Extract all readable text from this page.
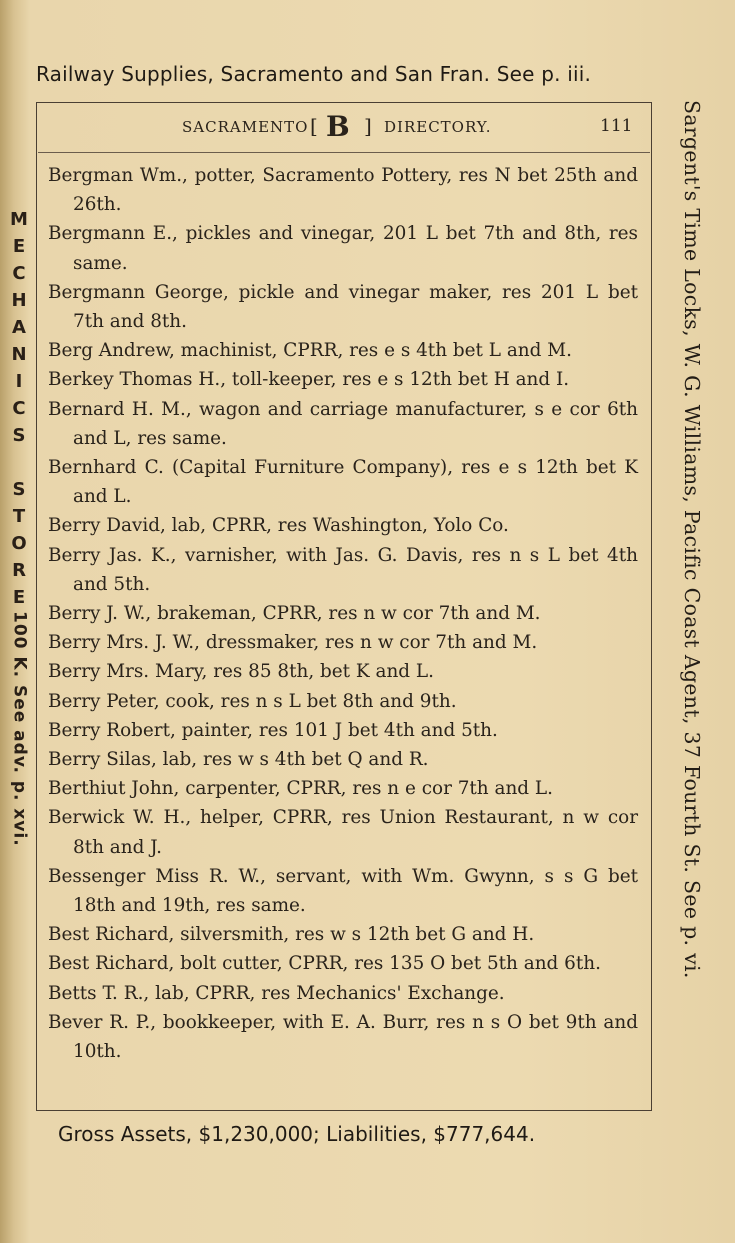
Railway Supplies, Sacramento and San Fran. See p. iii.
SACRAMENTO [ B ] DIRECTORY.	111
Bergman Wm., potter, Sacramento Pottery, res N bet 25th and 26th.
Bergmann E., pickles and vinegar, 201 L bet 7th and 8th, res same.
Bergmann George, pickle and vinegar maker, res 201 L bet 7th and 8th.
Berg Andrew, machinist, CPRR, res e s 4th bet L and M.
Berkey Thomas H., toll-keeper, res e s 12th bet H and I.
Bernard H. M., wagon and carriage manufacturer, s e cor 6th and L, res same.
Bernhard C. (Capital Furniture Company), res e s 12th bet K and L.
Berry David, lab, CPRR, res Washington, Yolo Co.
Berry Jas. K., varnisher, with Jas. G. Davis, res n s L bet 4th and 5th.
Berry J. W., brakeman, CPRR, res n w cor 7th and M.
Berry Mrs. J. W., dressmaker, res n w cor 7th and M.
Berry Mrs. Mary, res 85 8th, bet K and L.
Berry Peter, cook, res n s L bet 8th and 9th.
Berry Robert, painter, res 101 J bet 4th and 5th.
Berry Silas, lab, res w s 4th bet Q and R.
Berthiut John, carpenter, CPRR, res n e cor 7th and L.
Berwick W. H., helper, CPRR, res Union Restaurant, n w cor 8th and J.
Bessenger Miss R. W., servant, with Wm. Gwynn, s s G bet 18th and 19th, res same.
Best Richard, silversmith, res w s 12th bet G and H.
Best Richard, bolt cutter, CPRR, res 135 O bet 5th and 6th.
Betts T. R., lab, CPRR, res Mechanics' Exchange.
Bever R. P., bookkeeper, with E. A. Burr, res n s O bet 9th and 10th.
M
E
C
H
A
N
I
C
S
S
T
O
R
E
100 K. See adv. p. xvi.	Sargent's Time Locks, W. G. Williams, Pacific Coast Agent, 37 Fourth St. See p. vi.
Gross Assets, $1,230,000; Liabilities, $777,644.
